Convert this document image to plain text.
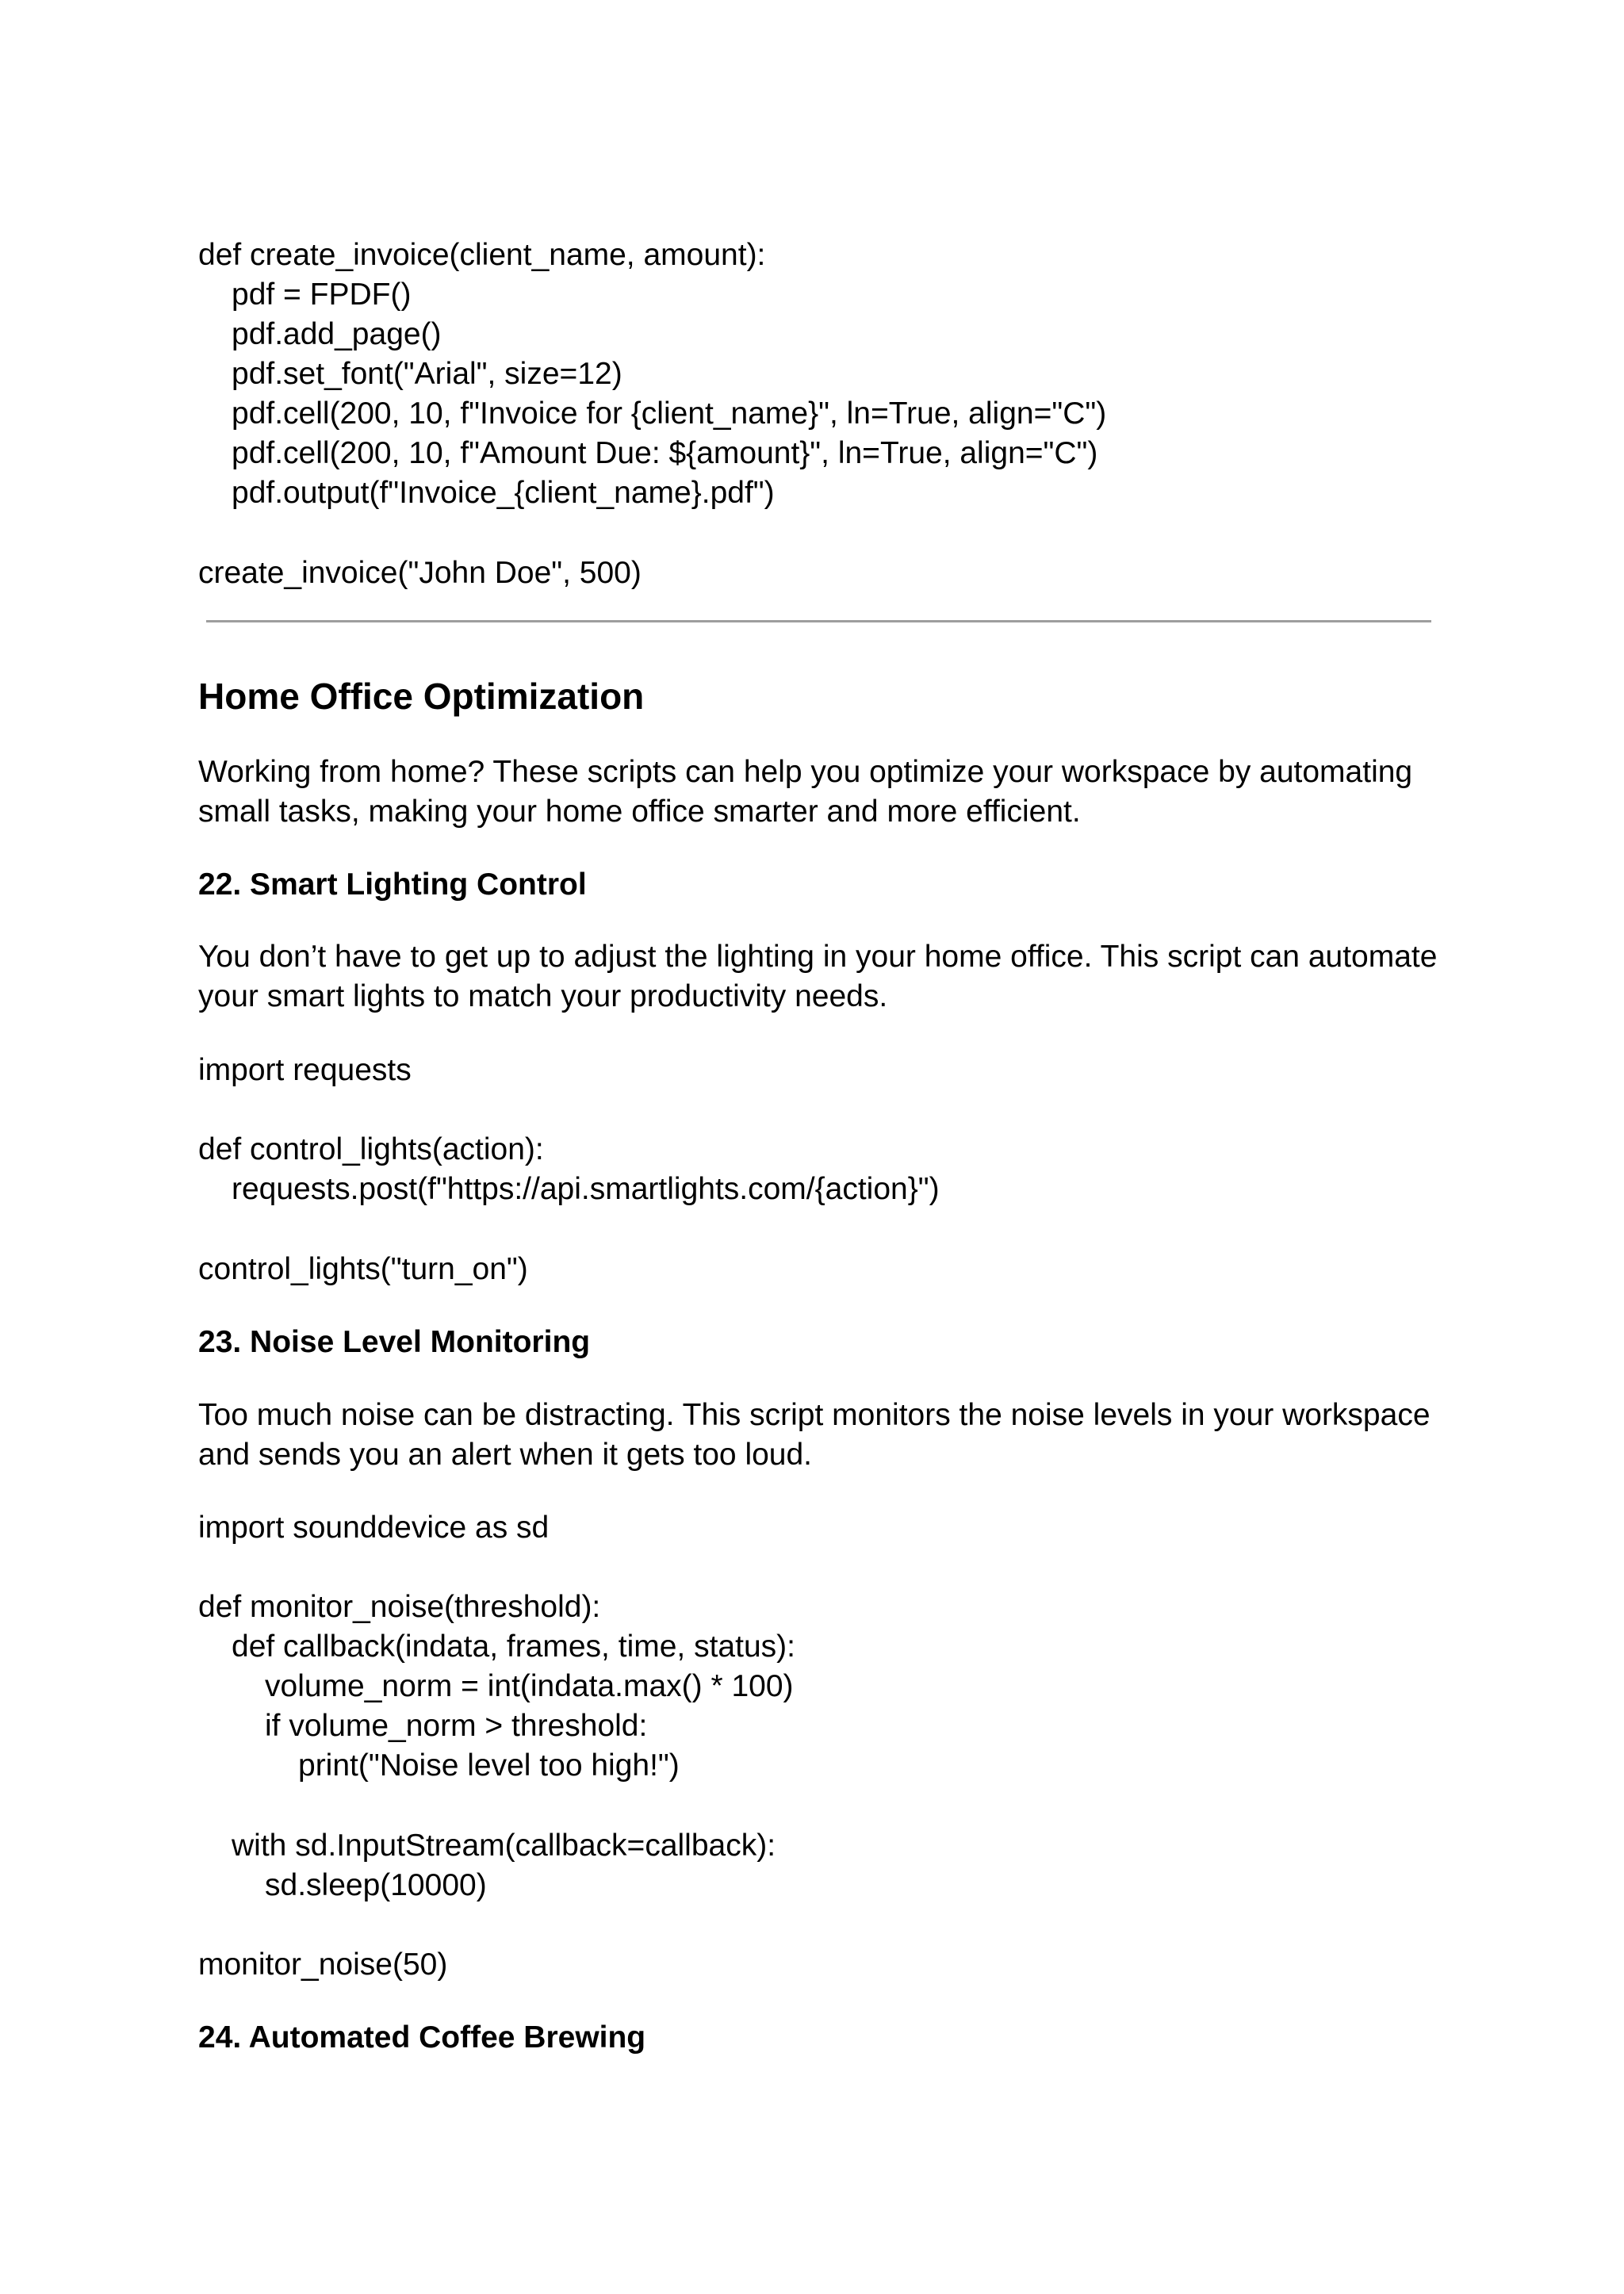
def create_invoice(client_name, amount):
pdf = FPDF()
pdf.add_page()
pdf.set_font("Arial", size=12)
pdf.cell(200, 10, f"Invoice for {client_name}", ln=True, align="C")
pdf.cell(200, 10, f"Amount Due: ${amount}", ln=True, align="C")
pdf.output(f"Invoice_{client_name}.pdf")
create_invoice("John Doe", 500)
Home Office Optimization
Working from home? These scripts can help you optimize your workspace by automating
small tasks, making your home office smarter and more efficient.
22. Smart Lighting Control
You don’t have to get up to adjust the lighting in your home office. This script can automate
your smart lights to match your productivity needs.
import requests
def control_lights(action):
requests.post(f"https://api.smartlights.com/{action}")
control_lights("turn_on")
23. Noise Level Monitoring
Too much noise can be distracting. This script monitors the noise levels in your workspace
and sends you an alert when it gets too loud.
import sounddevice as sd
def monitor_noise(threshold):
def callback(indata, frames, time, status):
volume_norm = int(indata.max() * 100)
if volume_norm > threshold:
print("Noise level too high!")
with sd.InputStream(callback=callback):
sd.sleep(10000)
monitor_noise(50)
24. Automated Coffee Brewing
